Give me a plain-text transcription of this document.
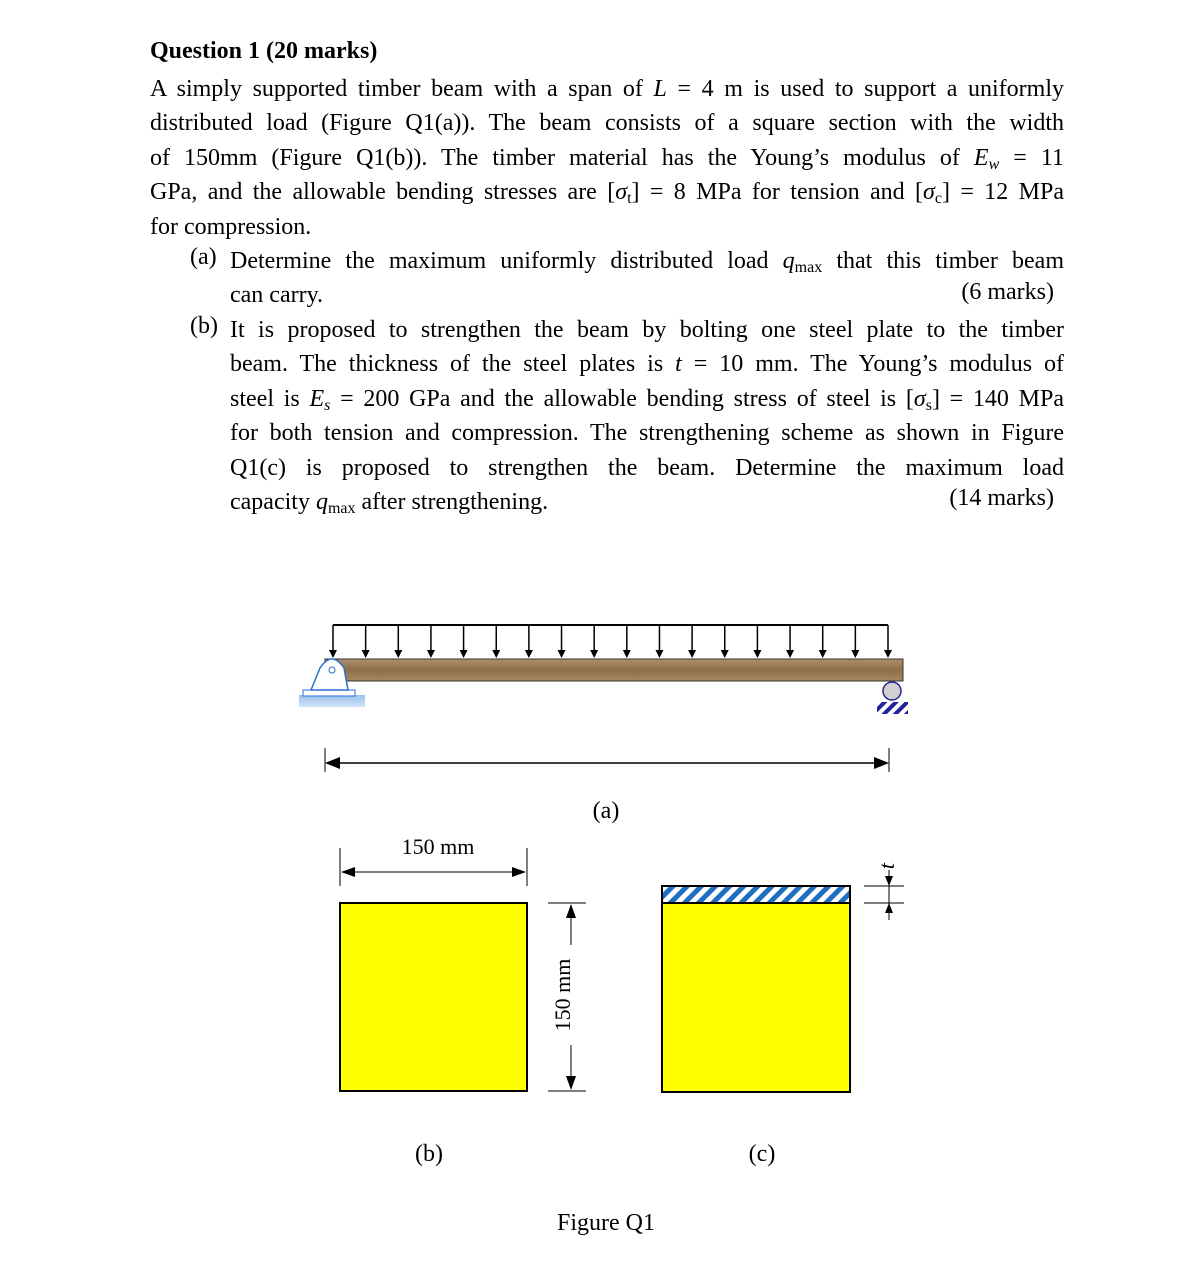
Question 1 (20 marks)
A simply supported timber beam with a span of L = 4 m is used to support a uniformly
distributed load (Figure Q1(a)). The beam consists of a square section with the width
of 150mm (Figure Q1(b)). The timber material has the Young’s modulus of $E_w = 11$
GPa, and the allowable bending stresses are $[\sigma_t] = 8$ MPa for tension and $[\sigma_c] = 12$ MPa
for compression.
(a) Determine the maximum uniformly distributed load $q_{max}$ that this timber beam
can carry.	(6 marks)
(b) It is proposed to strengthen the beam by bolting one steel plate to the timber
beam. The thickness of the steel plates is t = 10 mm. The Young’s modulus of
steel is $E_s = 200$ GPa and the allowable bending stress of steel is $[\sigma_s] = 140$ MPa
for both tension and compression. The strengthening scheme as shown in Figure
Q1(c) is proposed to strengthen the beam. Determine the maximum load
capacity $q_{max}$ after strengthening.	(14 marks)
(a)
150 mm
150 mm
(b)
t
(c)
Figure Q1
